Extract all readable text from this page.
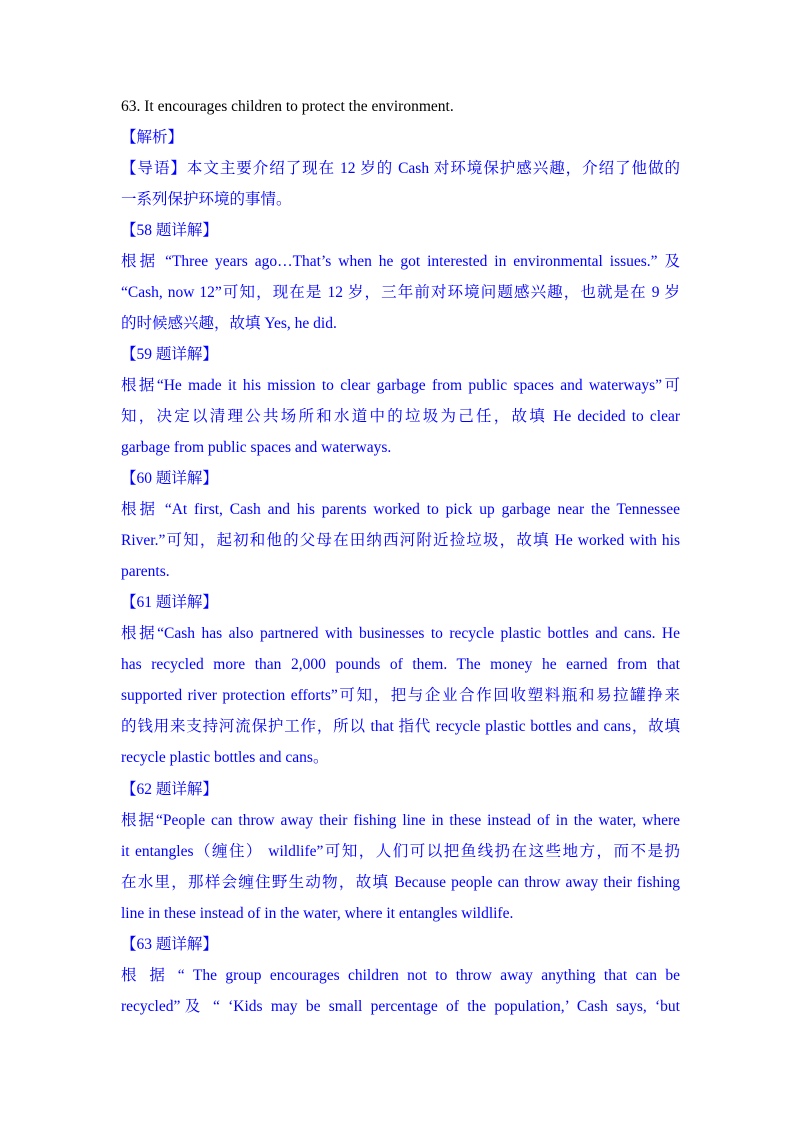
63. It encourages children to protect the environment.
【解析】
【导语】本文主要介绍了现在 12 岁的 Cash 对环境保护感兴趣，介绍了他做的
一系列保护环境的事情。
【58 题详解】
根据 “Three years ago…That’s when he got interested in environmental issues.” 及
“Cash, now 12”可知，现在是 12 岁，三年前对环境问题感兴趣，也就是在 9 岁
的时候感兴趣，故填 Yes, he did.
【59 题详解】
根据“He made it his mission to clear garbage from public spaces and waterways”可
知，决定以清理公共场所和水道中的垃圾为己任，故填 He decided to clear
garbage from public spaces and waterways.
【60 题详解】
根据 “At first, Cash and his parents worked to pick up garbage near the Tennessee
River.”可知，起初和他的父母在田纳西河附近捡垃圾，故填 He worked with his
parents.
【61 题详解】
根据“Cash has also partnered with businesses to recycle plastic bottles and cans. He
has recycled more than 2,000 pounds of them. The money he earned from that
supported river protection efforts”可知，把与企业合作回收塑料瓶和易拉罐挣来
的钱用来支持河流保护工作，所以 that 指代 recycle plastic bottles and cans，故填
recycle plastic bottles and cans。
【62 题详解】
根据“People can throw away their fishing line in these instead of in the water, where
it entangles（缠住） wildlife”可知，人们可以把鱼线扔在这些地方，而不是扔
在水里，那样会缠住野生动物，故填 Because people can throw away their fishing
line in these instead of in the water, where it entangles wildlife.
【63 题详解】
根 据 “ The group encourages children not to throw away anything that can be
recycled”及 “ ‘Kids may be small percentage of the population,’ Cash says, ‘but
